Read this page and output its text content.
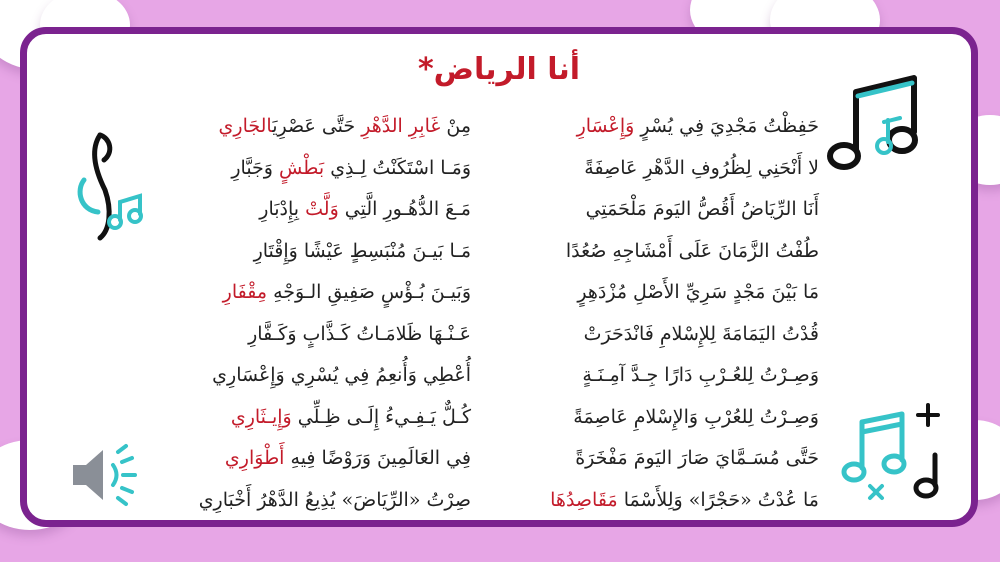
أنا الرياض*
حَفِظْتُ مَجْدِيَ فِي يُسْرٍ وَإِعْسَارِ
لا أَنْحَنِي لِظُرُوفِ الدَّهْرِ عَاصِفَةً
أَنَا الرِّيَاضُ أَقُصُّ اليَومَ مَلْحَمَتِي
طُفْتُ الزَّمَانَ عَلَى أَمْشَاجِهِ صُعُدًا
مَا بَيْنَ مَجْدٍ سَرِيِّ الأَصْلِ مُزْدَهِرٍ
قُدْتُ اليَمَامَةَ لِلإِسْلامِ فَانْدَحَرَتْ
وَصِـرْتُ لِلعُـرْبِ دَارًا جِـدَّ آمِـنَـةٍ
وَصِـرْتُ لِلعُرْبِ وَالإِسْلامِ عَاصِمَةً
حَتَّى مُسَـمَّايَ صَارَ اليَومَ مَفْخَرَةً
مَا عُدْتُ «حَجْرًا» وَلِلأَسْمَا مَقَاصِدُهَا
مِنْ غَابِرِ الدَّهْرِ حَتَّى عَصْرِيَالجَارِي
وَمَـا اسْتَكَنْتُ لِـذِي بَطْشٍ وَجَبَّارِ
مَـعَ الدُّهُـورِ الَّتِي وَلَّتْ بِإِدْبَارِ
مَـا بَيـنَ مُنْبَسِطٍ عَيْشًا وَإِقْتَارِ
وَبَيـنَ بُـؤْسٍ صَفِيقِ الـوَجْهِ مِقْفَارِ
عَـنْـهَا ظَلامَـاتُ كَـذَّابٍ وَكَـفَّارِ
أُعْطِي وَأُنعِمُ فِي يُسْرِي وَإِعْسَارِي
كُـلٌّ يَـفِـيءُ إِلَـى ظِـلِّي وَإِيـثَارِي
فِي العَالَمِينَ وَرَوْضًا فِيهِ أَطْوَارِي
صِرْتُ «الرِّيَاضَ» يُذِيعُ الدَّهْرُ أَخْبَارِي
